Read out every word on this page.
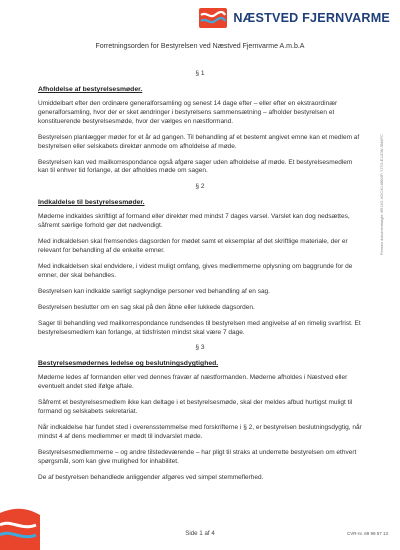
NÆSTVED FJERNVARME
Forretningsorden for Bestyrelsen ved Næstved Fjernvarme A.m.b.A
§ 1
Afholdelse af bestyrelsesmøder.

Umiddelbart efter den ordinære generalforsamling og senest 14 dage efter – eller efter en ekstraordinær generalforsamling, hvor der er sket ændringer i bestyrelsens sammensætning – afholder bestyrelsen et konstituerende bestyrelsesmøde, hvor der vælges en næstformand.

Bestyrelsen planlægger møder for et år ad gangen. Til behandling af et bestemt angivet emne kan et medlem af bestyrelsen eller selskabets direktør anmode om afholdelse af møde.

Bestyrelsen kan ved mailkorrespondance også afgøre sager uden afholdelse af møde. Et bestyrelsesmedlem kan til enhver tid forlange, at der afholdes møde om sagen.

§ 2
Indkaldelse til bestyrelsesmøder.

Møderne indkaldes skriftligt af formand eller direktør med mindst 7 dages varsel. Varslet kan dog nedsættes, såfremt særlige forhold gør det nødvendigt.

Med indkaldelsen skal fremsendes dagsorden for mødet samt et eksemplar af det skriftlige materiale, der er relevant for behandling af de enkelte emner.

Med indkaldelsen skal endvidere, i videst muligt omfang, gives medlemmerne oplysning om baggrunde for de emner, der skal behandles.

Bestyrelsen kan indkalde særligt sagkyndige personer ved behandling af en sag.

Bestyrelsen beslutter om en sag skal på den åbne eller lukkede dagsorden.

Sager til behandling ved mailkorrespondance rundsendes til bestyrelsen med angivelse af en rimelig svarfrist. Et bestyrelsesmedlem kan forlange, at tidsfristen mindst skal være 7 dage.

§ 3
Bestyrelsesmødernes ledelse og beslutningsdygtighed.

Møderne ledes af formanden eller ved dennes fravær af næstformanden. Møderne afholdes i Næstved eller eventuelt andet sted ifølge aftale.

Såfremt et bestyrelsesmedlem ikke kan deltage i et bestyrelsesmøde, skal der meldes afbud hurtigst muligt til formand og selskabets sekretariat.

Når indkaldelse har fundet sted i overensstemmelse med forskrifterne i § 2, er bestyrelsen beslutningsdygtig, når mindst 4 af dens medlemmer er mødt til indvarslet møde.

Bestyrelsesmedlemmerne – og andre tilstedeværende – har pligt til straks at underrette bestyrelsen om ethvert spørgsmål, som kan give mulighed for inhabilitet.

De af bestyrelsen behandlede anliggender afgøres ved simpel stemmeflerhed.

Penneo dokumentnøgle: 8R14G-VOCX0-6BK0P-YJ7O-E11DW-SM4PC
Side 1 af 4	CVR-nr. 69 99 57 13
